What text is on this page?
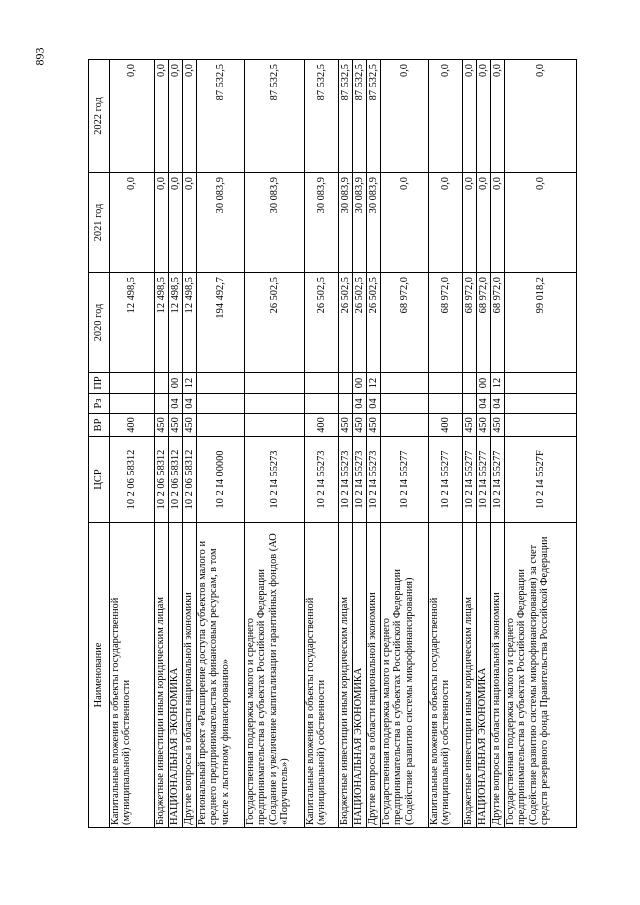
893
Наименование	ЦСР	ВР	Рз	ПР	2020 год	2021 год	2022 год
Капитальные вложения в объекты государственной (муниципальной) собственности	10 2 06 58312	400			12 498,5	0,0	0,0
Бюджетные инвестиции иным юридическим лицам	10 2 06 58312	450			12 498,5	0,0	0,0
НАЦИОНАЛЬНАЯ ЭКОНОМИКА	10 2 06 58312	450	04	00	12 498,5	0,0	0,0
Другие вопросы в области национальной экономики	10 2 06 58312	450	04	12	12 498,5	0,0	0,0
Региональный проект «Расширение доступа субъектов малого и среднего предпринимательства к финансовым ресурсам, в том числе к льготному финансированию»	10 2 I4 00000				194 492,7	30 083,9	87 532,5
Государственная поддержка малого и среднего предпринимательства в субъектах Российской Федерации (Создание и увеличение капитализации гарантийных фондов (АО «Поручитель»)	10 2 I4 55273				26 502,5	30 083,9	87 532,5
Капитальные вложения в объекты государственной (муниципальной) собственности	10 2 I4 55273	400			26 502,5	30 083,9	87 532,5
Бюджетные инвестиции иным юридическим лицам	10 2 I4 55273	450			26 502,5	30 083,9	87 532,5
НАЦИОНАЛЬНАЯ ЭКОНОМИКА	10 2 I4 55273	450	04	00	26 502,5	30 083,9	87 532,5
Другие вопросы в области национальной экономики	10 2 I4 55273	450	04	12	26 502,5	30 083,9	87 532,5
Государственная поддержка малого и среднего предпринимательства в субъектах Российской Федерации (Содействие развитию системы микрофинансирования)	10 2 I4 55277				68 972,0	0,0	0,0
Капитальные вложения в объекты государственной (муниципальной) собственности	10 2 I4 55277	400			68 972,0	0,0	0,0
Бюджетные инвестиции иным юридическим лицам	10 2 I4 55277	450			68 972,0	0,0	0,0
НАЦИОНАЛЬНАЯ ЭКОНОМИКА	10 2 I4 55277	450	04	00	68 972,0	0,0	0,0
Другие вопросы в области национальной экономики	10 2 I4 55277	450	04	12	68 972,0	0,0	0,0
Государственная поддержка малого и среднего предпринимательства в субъектах Российской Федерации (Содействие развитию системы микрофинансирования) за счет средств резервного фонда Правительства Российской Федерации	10 2 I4 5527F				99 018,2	0,0	0,0
